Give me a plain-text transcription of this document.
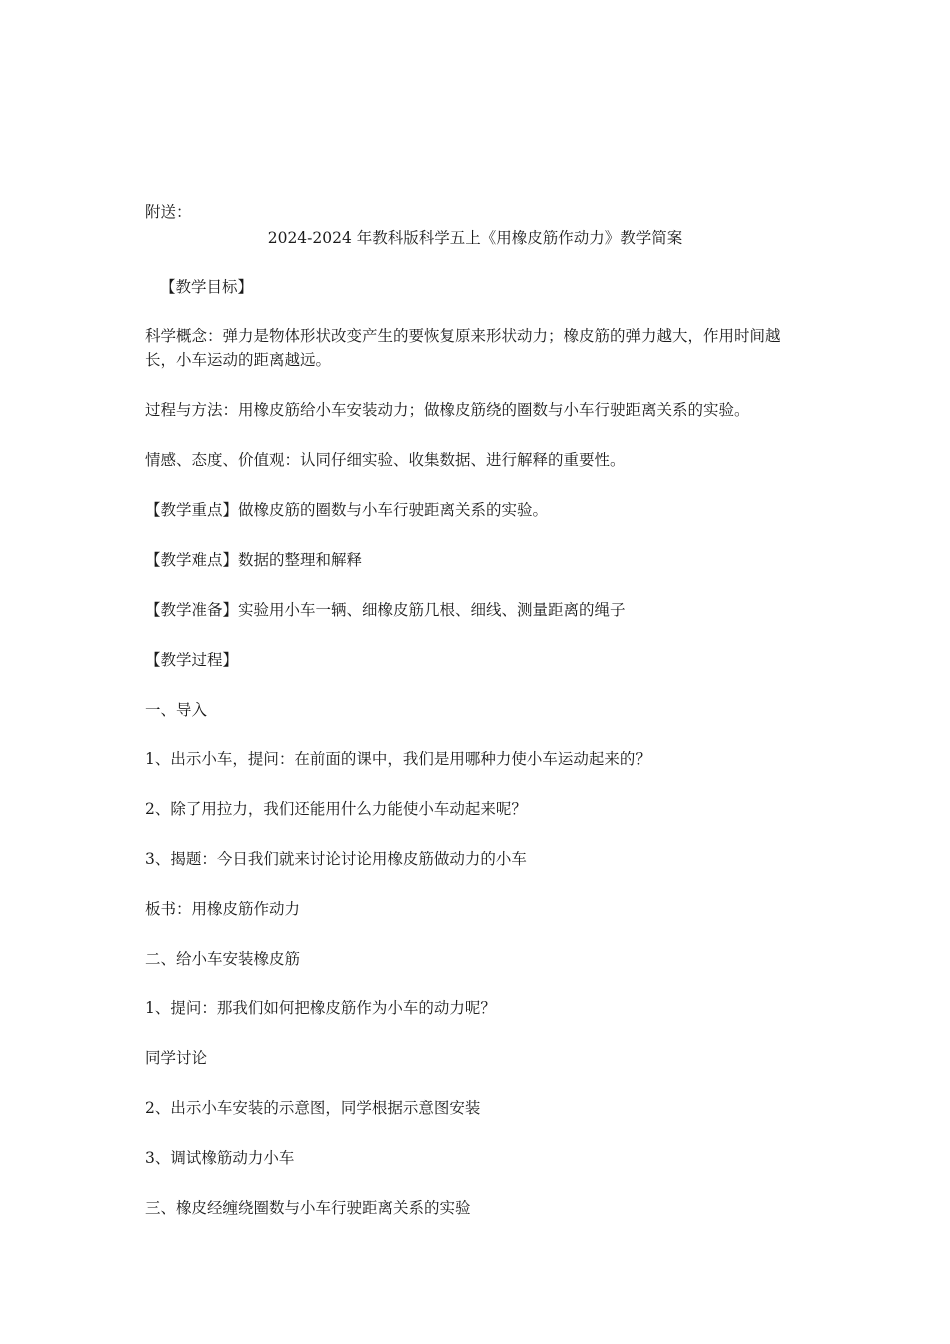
附送：
2024-2024 年教科版科学五上《用橡皮筋作动力》教学简案
【教学目标】
科学概念：弹力是物体形状改变产生的要恢复原来形状动力；橡皮筋的弹力越大，作用时间越长，小车运动的距离越远。
过程与方法：用橡皮筋给小车安装动力；做橡皮筋绕的圈数与小车行驶距离关系的实验。
情感、态度、价值观：认同仔细实验、收集数据、进行解释的重要性。
【教学重点】做橡皮筋的圈数与小车行驶距离关系的实验。
【教学难点】数据的整理和解释
【教学准备】实验用小车一辆、细橡皮筋几根、细线、测量距离的绳子
【教学过程】
一、导入
1、出示小车，提问：在前面的课中，我们是用哪种力使小车运动起来的？
2、除了用拉力，我们还能用什么力能使小车动起来呢？
3、揭题：今日我们就来讨论讨论用橡皮筋做动力的小车
板书：用橡皮筋作动力
二、给小车安装橡皮筋
1、提问：那我们如何把橡皮筋作为小车的动力呢？
同学讨论
2、出示小车安装的示意图，同学根据示意图安装
3、调试橡筋动力小车
三、橡皮经缠绕圈数与小车行驶距离关系的实验
